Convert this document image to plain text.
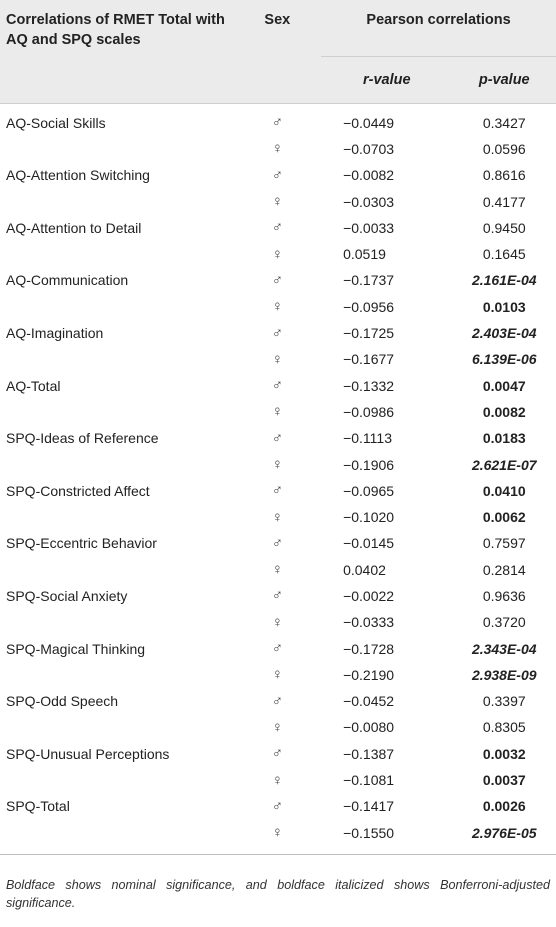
Correlations of RMET Total with AQ and SPQ scales	Sex	Pearson correlations	
		r-value	p-value
AQ-Social Skills	♂	−0.0449	0.3427
	♀	−0.0703	0.0596
AQ-Attention Switching	♂	−0.0082	0.8616
	♀	−0.0303	0.4177
AQ-Attention to Detail	♂	−0.0033	0.9450
	♀	0.0519	0.1645
AQ-Communication	♂	−0.1737	2.161E-04
	♀	−0.0956	0.0103
AQ-Imagination	♂	−0.1725	2.403E-04
	♀	−0.1677	6.139E-06
AQ-Total	♂	−0.1332	0.0047
	♀	−0.0986	0.0082
SPQ-Ideas of Reference	♂	−0.1113	0.0183
	♀	−0.1906	2.621E-07
SPQ-Constricted Affect	♂	−0.0965	0.0410
	♀	−0.1020	0.0062
SPQ-Eccentric Behavior	♂	−0.0145	0.7597
	♀	0.0402	0.2814
SPQ-Social Anxiety	♂	−0.0022	0.9636
	♀	−0.0333	0.3720
SPQ-Magical Thinking	♂	−0.1728	2.343E-04
	♀	−0.2190	2.938E-09
SPQ-Odd Speech	♂	−0.0452	0.3397
	♀	−0.0080	0.8305
SPQ-Unusual Perceptions	♂	−0.1387	0.0032
	♀	−0.1081	0.0037
SPQ-Total	♂	−0.1417	0.0026
	♀	−0.1550	2.976E-05

Boldface shows nominal significance, and boldface italicized shows Bonferroni-adjusted significance.
